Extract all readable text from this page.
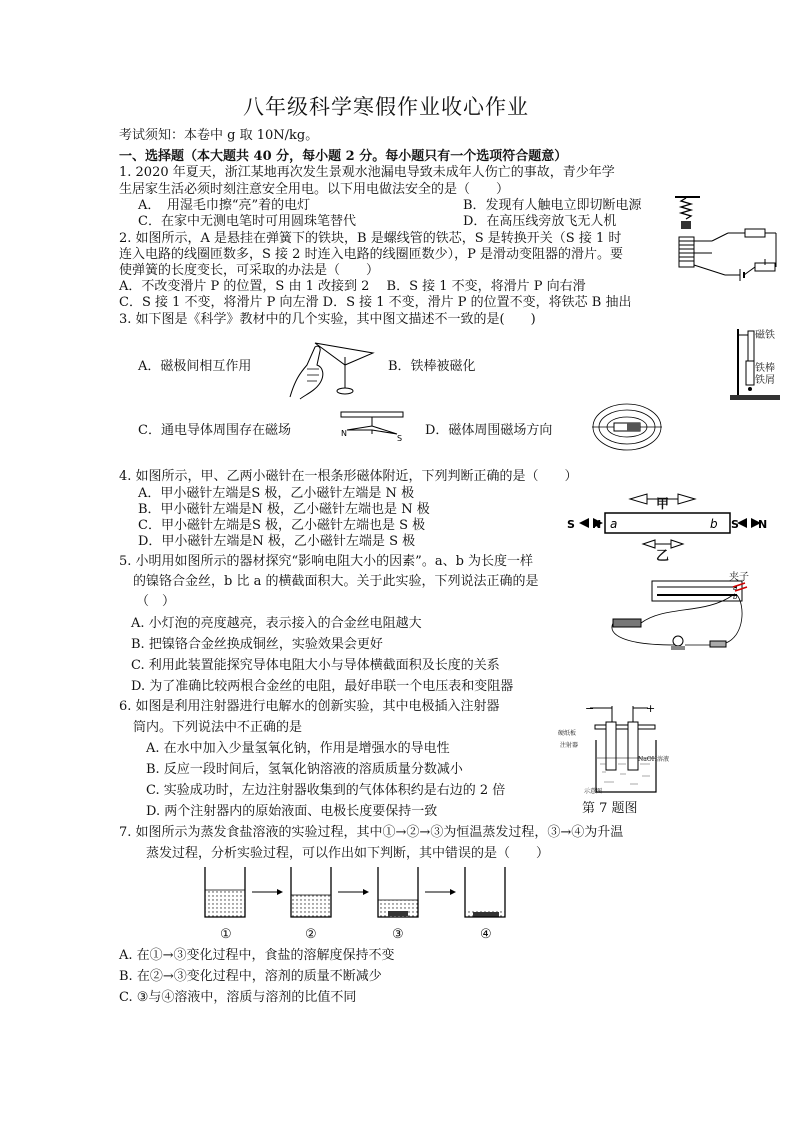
八年级科学寒假作业收心作业
考试须知：本卷中 g 取 10N/kg。
一、选择题（本大题共 40 分，每小题 2 分。每小题只有一个选项符合题意）
1. 2020 年夏天，浙江某地再次发生景观水池漏电导致未成年人伤亡的事故，青少年学
生居家生活必须时刻注意安全用电。以下用电做法安全的是（　　）
A．　用湿毛巾擦“亮”着的电灯	B．发现有人触电立即切断电源
C．在家中无测电笔时可用圆珠笔替代	D．在高压线旁放飞无人机
2. 如图所示，A 是悬挂在弹簧下的铁块，B 是螺线管的铁芯，S 是转换开关（S 接 1 时
连入电路的线圈匝数多，S 接 2 时连入电路的线圈匝数少），P 是滑动变阻器的滑片。要
使弹簧的长度变长，可采取的办法是（　　）
A．不改变滑片 P 的位置，S 由 1 改接到 2　 B．S 接 1 不变，将滑片 P 向右滑
C．S 接 1 不变，将滑片 P 向左滑 D．S 接 1 不变，滑片 P 的位置不变，将铁芯 B 抽出
3. 如下图是《科学》教材中的几个实验，其中图文描述不一致的是(　　)
A．磁极间相互作用	B．铁棒被磁化
C．通电导体周围存在磁场	D．磁体周围磁场方向
磁铁
铁棒
铁屑
N
S
4. 如图所示，甲、乙两小磁针在一根条形磁体附近，下列判断正确的是（　　）
A．甲小磁针左端是S 极，乙小磁针左端是 N 极
B．甲小磁针左端是N 极，乙小磁针左端也是 N 极
C．甲小磁针左端是S 极，乙小磁针左端也是 S 极
D．甲小磁针左端是N 极，乙小磁针左端是 S 极
a	b
S N	S N
甲
乙
5. 小明用如图所示的器材探究“影响电阻大小的因素”。a、b 为长度一样
的镍铬合金丝，b 比 a 的横截面积大。关于此实验，下列说法正确的是
（　）
A. 小灯泡的亮度越亮，表示接入的合金丝电阻越大
B. 把镍铬合金丝换成铜丝，实验效果会更好
C. 利用此装置能探究导体电阻大小与导体横截面积及长度的关系
D. 为了准确比较两根合金丝的电阻，最好串联一个电压表和变阻器
a
b
夹子
6. 如图是利用注射器进行电解水的创新实验，其中电极插入注射器
筒内。下列说法中不正确的是
A. 在水中加入少量氢氧化钠，作用是增强水的导电性
B. 反应一段时间后，氢氧化钠溶液的溶质质量分数减小
C. 实验成功时，左边注射器收集到的气体体积约是右边的 2 倍
D. 两个注射器内的原始液面、电极长度要保持一致
−	+
硬纸板
注射器
NaOH溶液
示意图
第 7 题图
7. 如图所示为蒸发食盐溶液的实验过程，其中①→②→③为恒温蒸发过程，③→④为升温
蒸发过程，分析实验过程，可以作出如下判断，其中错误的是（　　）
①	②	③	④
A. 在①→③变化过程中，食盐的溶解度保持不变
B. 在②→③变化过程中，溶剂的质量不断减少
C. ③与④溶液中，溶质与溶剂的比值不同
